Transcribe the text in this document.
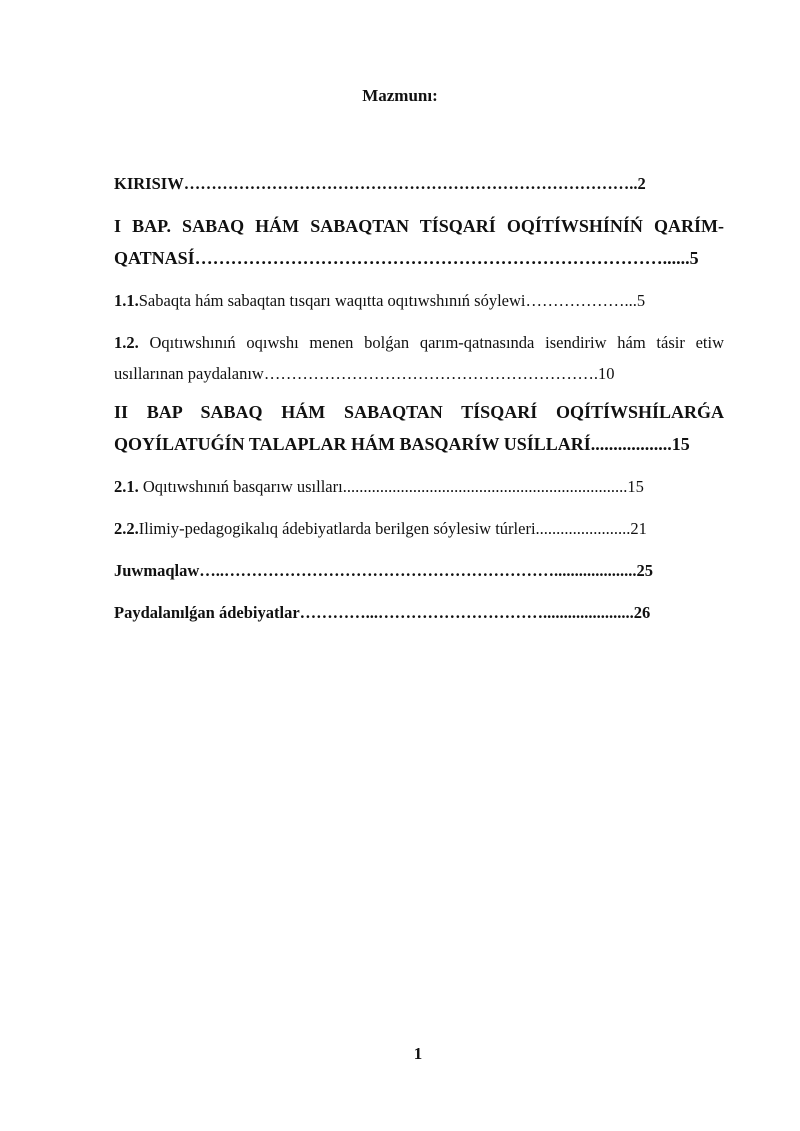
Mazmunı:

KIRISIW………………………………………………………………………..2

I BAP. SABAQ HÁM SABAQTAN TÍSQARÍ OQÍTÍWSHÍNÍŃ QARÍM-QATNASÍ……………………………………………………………………......5

1.1.Sabaqta hám sabaqtan tısqarı waqıtta oqıtıwshınıń sóylewi………………...5

1.2. Oqıtıwshınıń oqıwshı menen bolǵan qarım-qatnasında isendiriw hám tásir etiw usıllarınan paydalanıw…………………………………………………….10

II BAP SABAQ HÁM SABAQTAN TÍSQARÍ OQÍTÍWSHÍLARǴA QOYÍLATUǴÍN TALAPLAR HÁM BASQARÍW USÍLLARÍ..................15

2.1. Oqıtıwshınıń basqarıw usılları.....................................................................15

2.2.Ilimiy-pedagogikalıq ádebiyatlarda berilgen sóylesiw túrleri.......................21

Juwmaqlaw…..……………………………………………………....................25

Paydalanılǵan ádebiyatlar…………...…………………………......................26

1
